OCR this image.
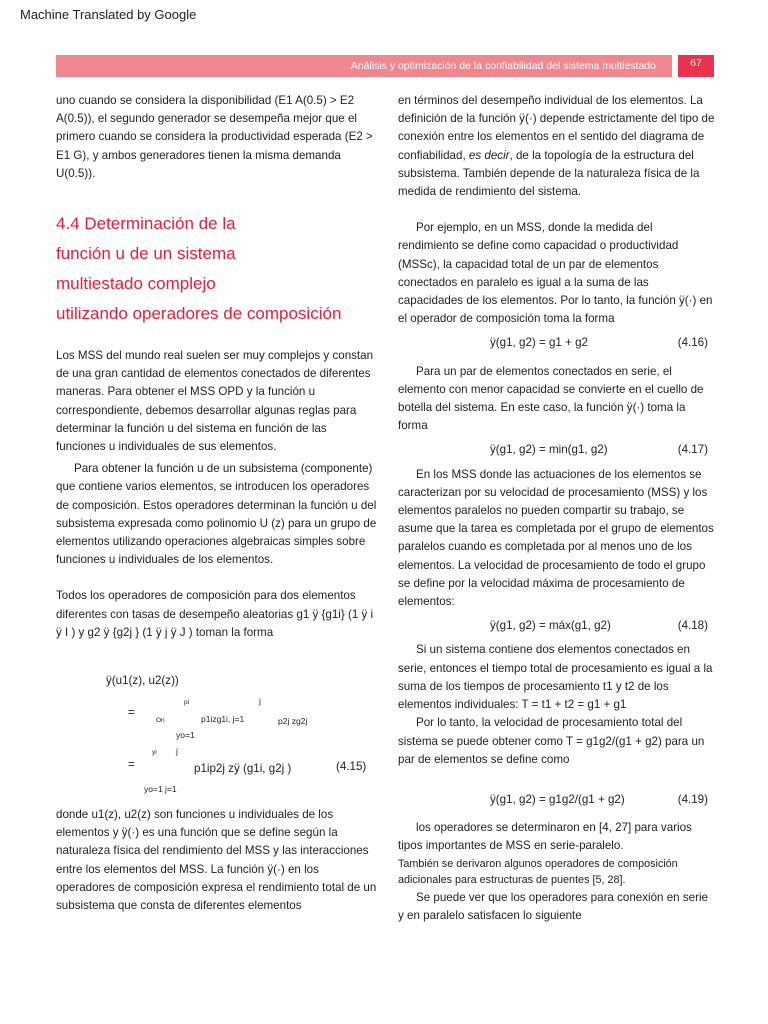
Machine Translated by Google
Análisis y optimización de la confiabilidad del sistema multiestado	67

uno cuando se considera la disponibilidad (E1 A(0.5) > E2 A(0.5)), el segundo generador se desempeña mejor que el primero cuando se considera la productividad esperada (E2 > E1 G), y ambos generadores tienen la misma demanda U(0.5)).

4.4 Determinación de la
función u de un sistema
multiestado complejo
utilizando operadores de composición

Los MSS del mundo real suelen ser muy complejos y constan de una gran cantidad de elementos conectados de diferentes maneras. Para obtener el MSS OPD y la función u correspondiente, debemos desarrollar algunas reglas para determinar la función u del sistema en función de las funciones u individuales de sus elementos.

Para obtener la función u de un subsistema (componente) que contiene varios elementos, se introducen los operadores de composición. Estos operadores determinan la función u del subsistema expresada como polinomio U (z) para un grupo de elementos utilizando operaciones algebraicas simples sobre funciones u individuales de los elementos.

Todos los operadores de composición para dos elementos diferentes con tasas de desempeño aleatorias g1 ÿ {g1i} (1 ÿ i ÿ I ) y g2 ÿ {g2j } (1 ÿ j ÿ J ) toman la forma

ÿ(u1(z), u2(z))
pi	j
=
On	p1izg1i, j=1	p2j zg2j
yo=1
yi j
=	p1ip2j zÿ (g1i, g2j )	(4.15)
yo=1 j=1

donde u1(z), u2(z) son funciones u individuales de los elementos y ÿ(·) es una función que se define según la naturaleza física del rendimiento del MSS y las interacciones entre los elementos del MSS. La función ÿ(·) en los operadores de composición expresa el rendimiento total de un subsistema que consta de diferentes elementos

en términos del desempeño individual de los elementos. La definición de la función ÿ(·) depende estrictamente del tipo de conexión entre los elementos en el sentido del diagrama de confiabilidad, es decir, de la topología de la estructura del subsistema. También depende de la naturaleza física de la medida de rendimiento del sistema.

Por ejemplo, en un MSS, donde la medida del rendimiento se define como capacidad o productividad (MSSc), la capacidad total de un par de elementos conectados en paralelo es igual a la suma de las capacidades de los elementos. Por lo tanto, la función ÿ(·) en el operador de composición toma la forma

ÿ(g1, g2) = g1 + g2	(4.16)

Para un par de elementos conectados en serie, el elemento con menor capacidad se convierte en el cuello de botella del sistema. En este caso, la función ÿ(·) toma la forma

ÿ(g1, g2) = min(g1, g2)	(4.17)

En los MSS donde las actuaciones de los elementos se caracterizan por su velocidad de procesamiento (MSS) y los elementos paralelos no pueden compartir su trabajo, se asume que la tarea es completada por el grupo de elementos paralelos cuando es completada por al menos uno de los elementos. La velocidad de procesamiento de todo el grupo se define por la velocidad máxima de procesamiento de elementos:

ÿ(g1, g2) = máx(g1, g2)	(4.18)

Si un sistema contiene dos elementos conectados en serie, entonces el tiempo total de procesamiento es igual a la suma de los tiempos de procesamiento t1 y t2 de los elementos individuales: T = t1 + t2 = g1 + g1

Por lo tanto, la velocidad de procesamiento total del sistema se puede obtener como T = g1g2/(g1 + g2) para un par de elementos se define como

ÿ(g1, g2) = g1g2/(g1 + g2)	(4.19)

los operadores se determinaron en [4, 27] para varios tipos importantes de MSS en serie-paralelo.

También se derivaron algunos operadores de composición adicionales para estructuras de puentes [5, 28].

Se puede ver que los operadores para conexión en serie y en paralelo satisfacen lo siguiente
